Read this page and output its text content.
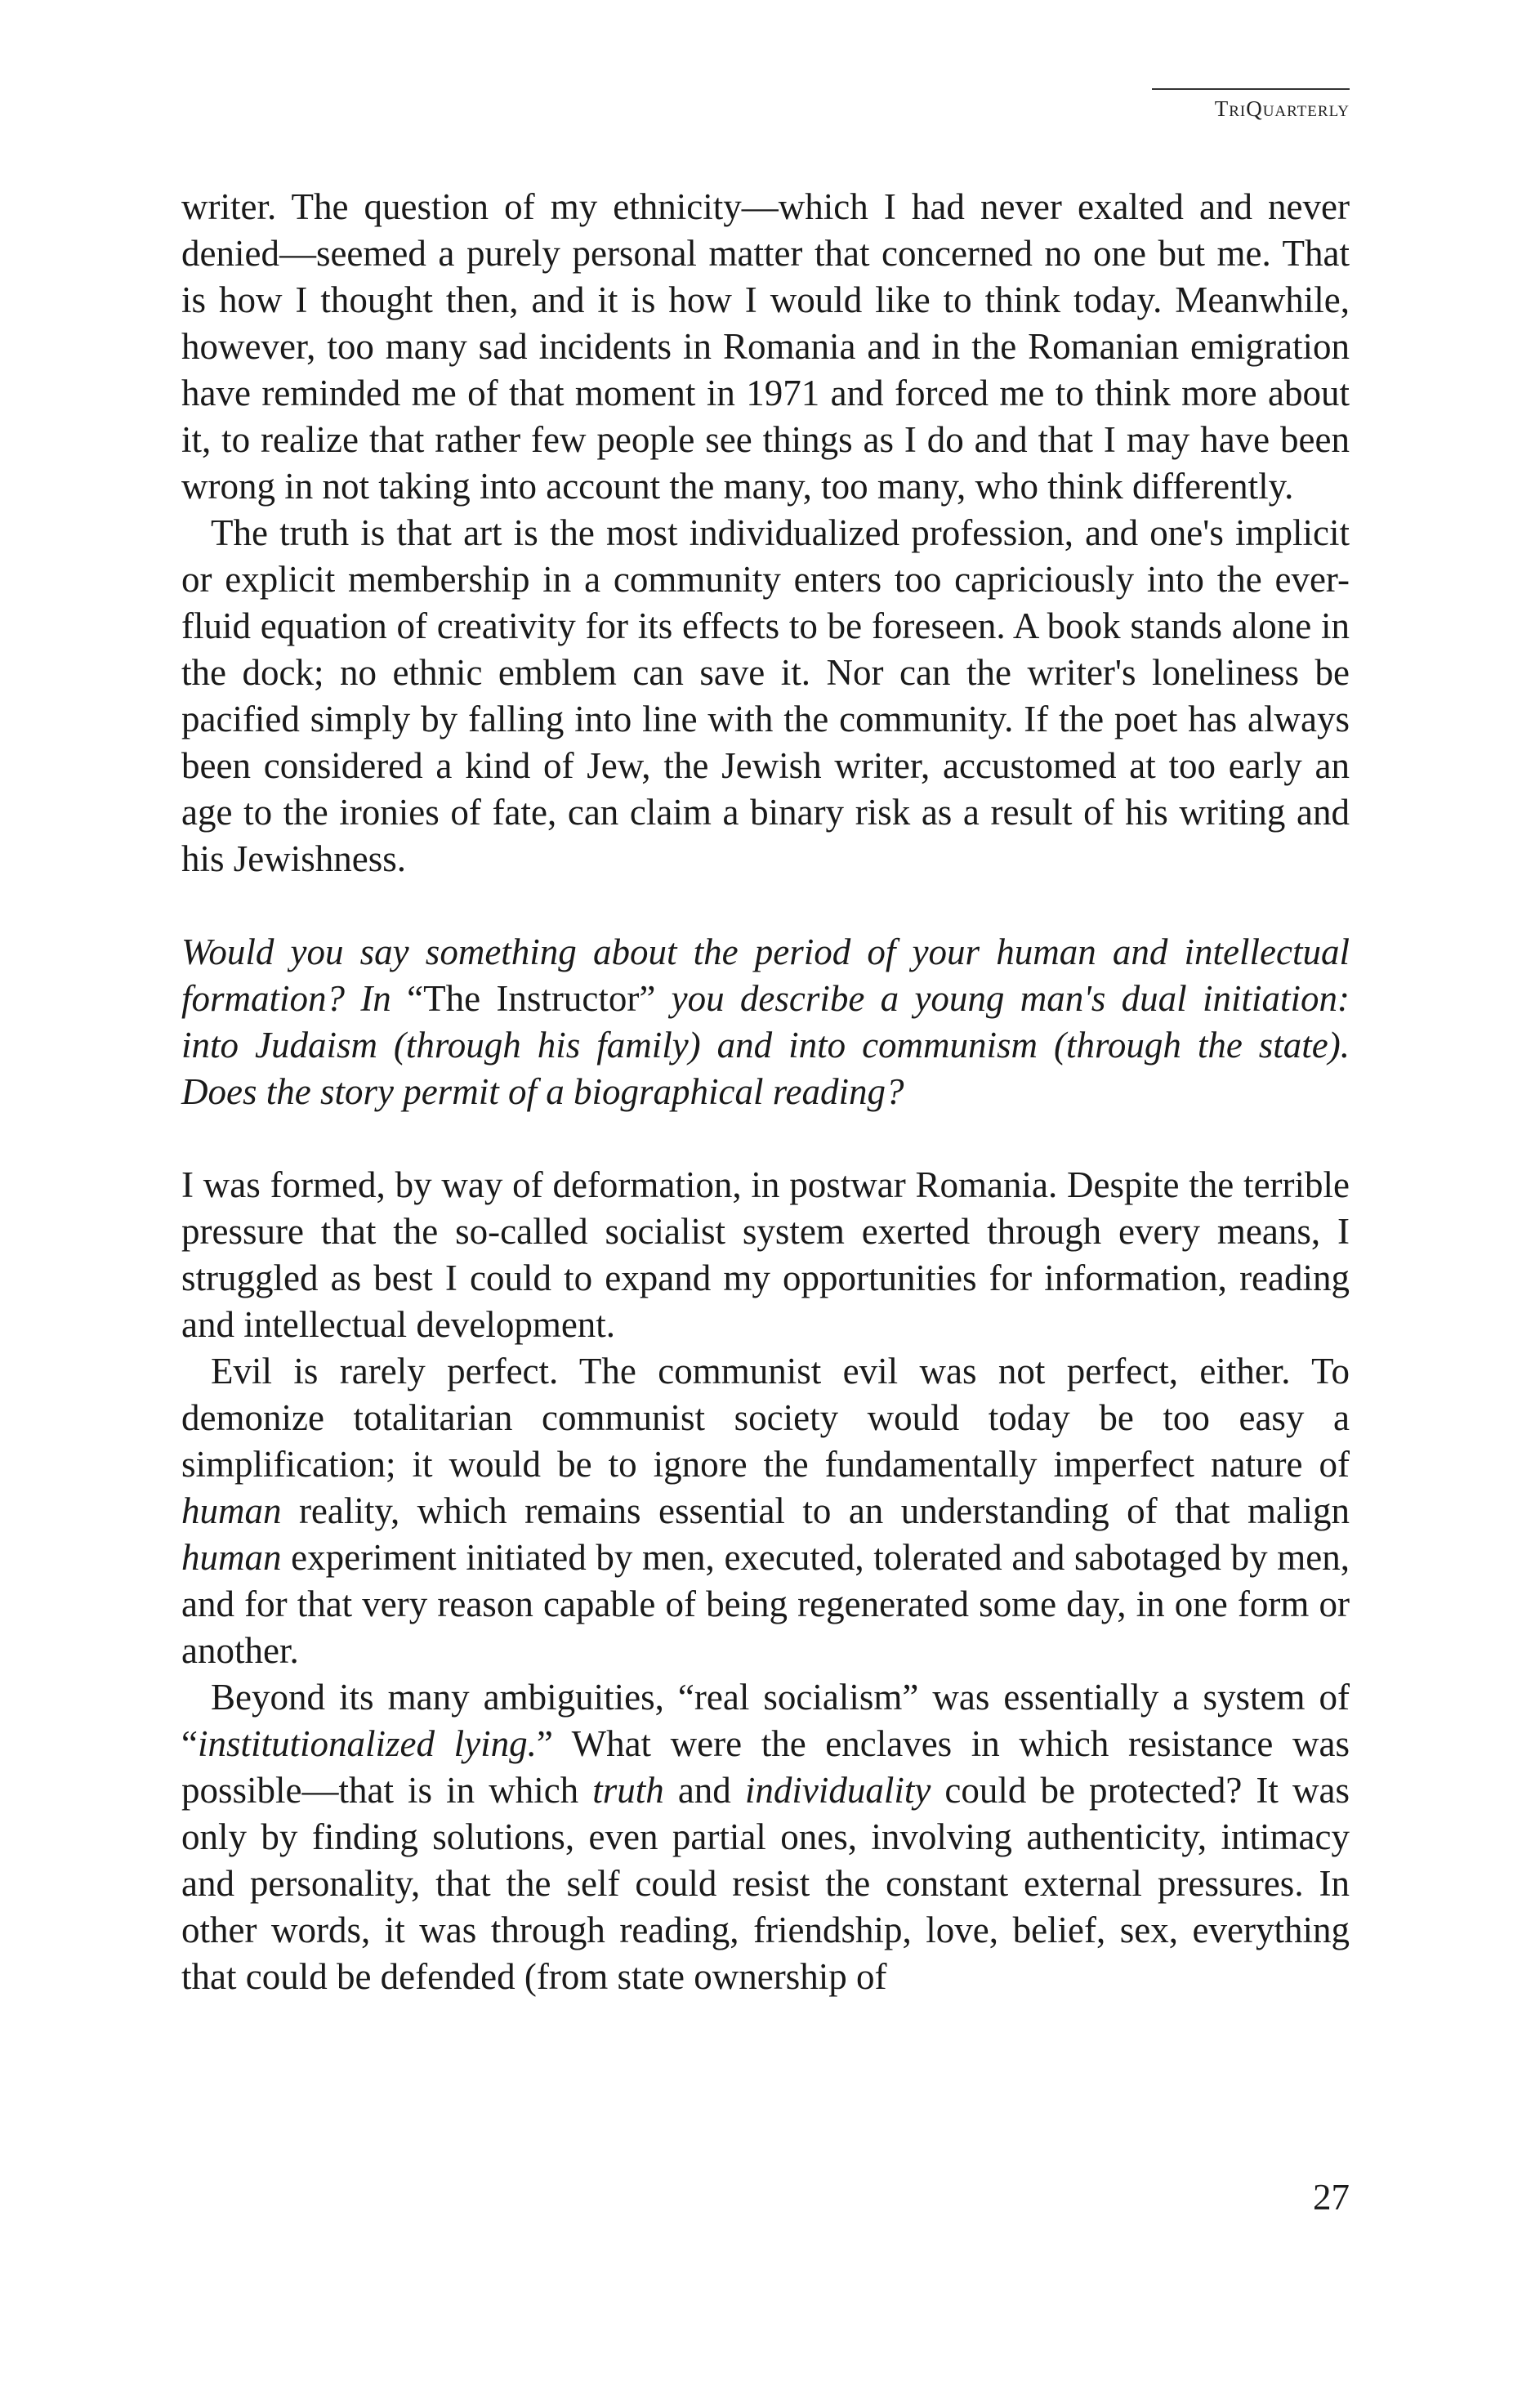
TriQuarterly

writer. The question of my ethnicity—which I had never exalted and never denied—seemed a purely personal matter that concerned no one but me. That is how I thought then, and it is how I would like to think today. Meanwhile, however, too many sad incidents in Romania and in the Romanian emigration have reminded me of that moment in 1971 and forced me to think more about it, to realize that rather few people see things as I do and that I may have been wrong in not taking into account the many, too many, who think differently.

The truth is that art is the most individualized profession, and one's implicit or explicit membership in a community enters too capriciously into the ever-fluid equation of creativity for its effects to be foreseen. A book stands alone in the dock; no ethnic emblem can save it. Nor can the writer's loneliness be pacified simply by falling into line with the community. If the poet has always been considered a kind of Jew, the Jewish writer, accustomed at too early an age to the ironies of fate, can claim a binary risk as a result of his writing and his Jewishness.

Would you say something about the period of your human and intellectual formation? In “The Instructor” you describe a young man's dual initiation: into Judaism (through his family) and into communism (through the state). Does the story permit of a biographical reading?

I was formed, by way of deformation, in postwar Romania. Despite the terrible pressure that the so-called socialist system exerted through every means, I struggled as best I could to expand my opportunities for information, reading and intellectual development.

Evil is rarely perfect. The communist evil was not perfect, either. To demonize totalitarian communist society would today be too easy a simplification; it would be to ignore the fundamentally imperfect nature of human reality, which remains essential to an understanding of that malign human experiment initiated by men, executed, tolerated and sabotaged by men, and for that very reason capable of being regenerated some day, in one form or another.

Beyond its many ambiguities, “real socialism” was essentially a system of “institutionalized lying.” What were the enclaves in which resistance was possible—that is in which truth and individuality could be protected? It was only by finding solutions, even partial ones, involving authenticity, intimacy and personality, that the self could resist the constant external pressures. In other words, it was through reading, friendship, love, belief, sex, everything that could be defended (from state ownership of

27
